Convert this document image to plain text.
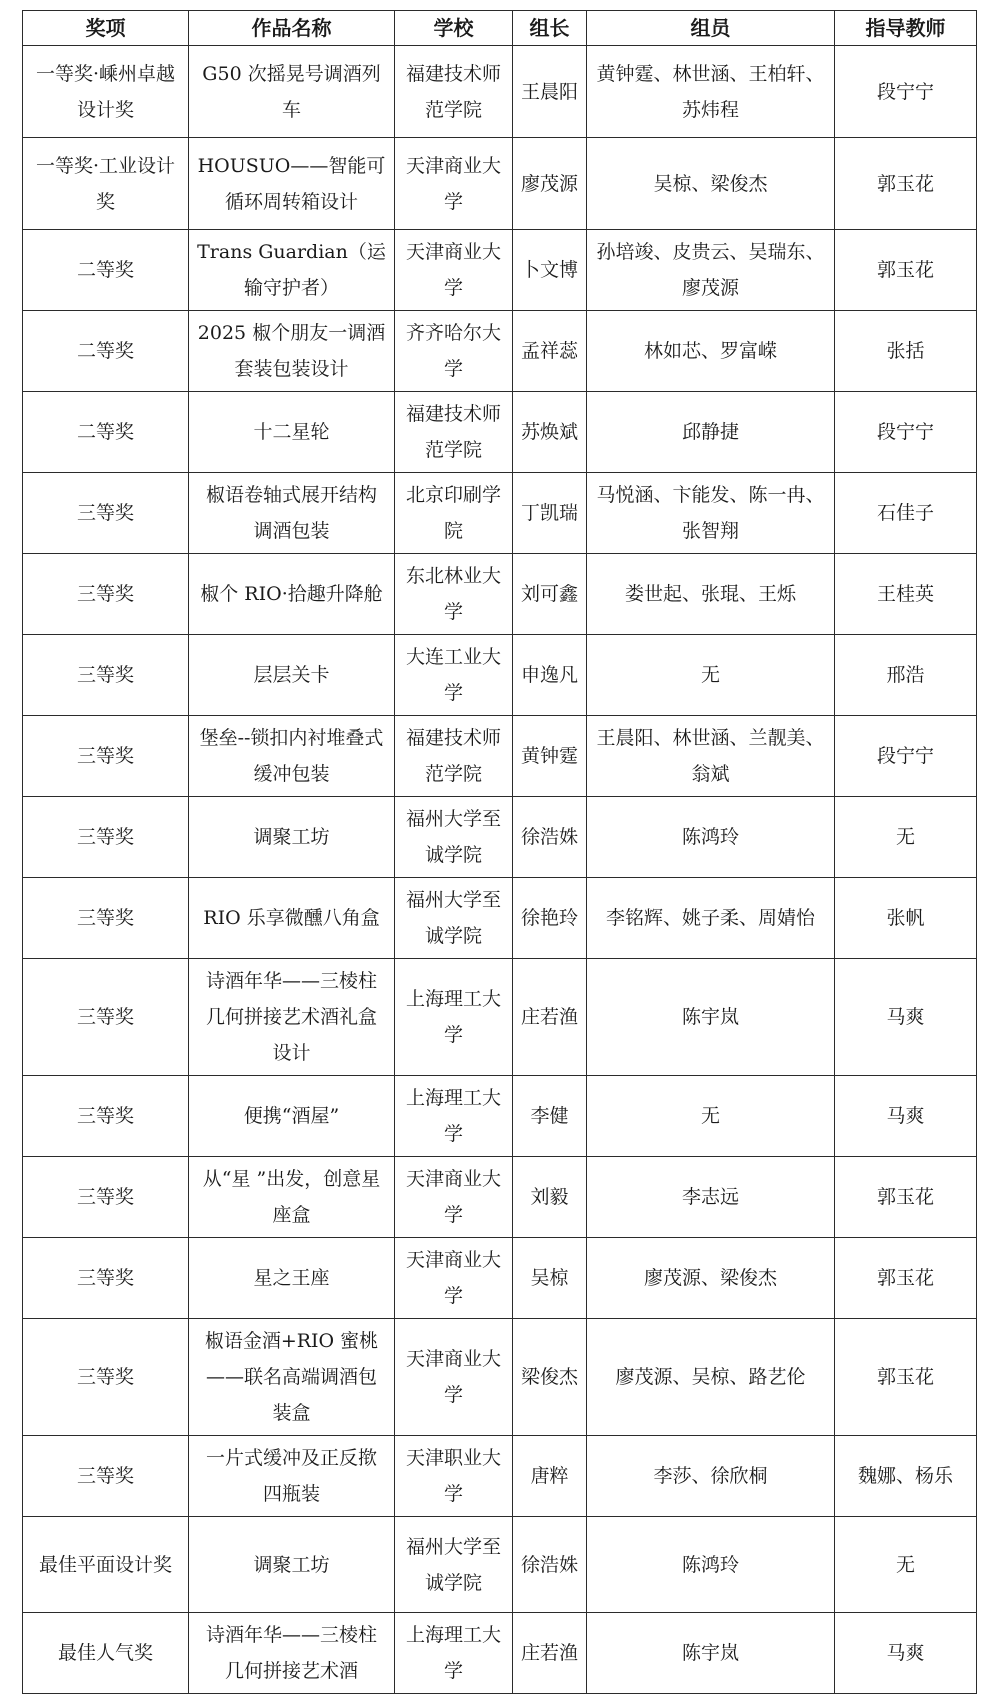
奖项	作品名称	学校	组长	组员	指导教师
一等奖·嵊州卓越设计奖	G50 次摇晃号调酒列车	福建技术师范学院	王晨阳	黄钟霆、林世涵、王柏轩、苏炜程	段宁宁
一等奖·工业设计奖	HOUSUO——智能可循环周转箱设计	天津商业大学	廖茂源	吴椋、梁俊杰	郭玉花
二等奖	Trans Guardian（运输守护者）	天津商业大学	卜文博	孙培竣、皮贵云、吴瑞东、廖茂源	郭玉花
二等奖	2025 椒个朋友一调酒套装包装设计	齐齐哈尔大学	孟祥蕊	林如芯、罗富嵘	张括
二等奖	十二星轮	福建技术师范学院	苏焕斌	邱静捷	段宁宁
三等奖	椒语卷轴式展开结构调酒包装	北京印刷学院	丁凯瑞	马悦涵、卞能发、陈一冉、张智翔	石佳子
三等奖	椒个 RIO·拾趣升降舱	东北林业大学	刘可鑫	娄世起、张琨、王烁	王桂英
三等奖	层层关卡	大连工业大学	申逸凡	无	邢浩
三等奖	堡垒--锁扣内衬堆叠式缓冲包装	福建技术师范学院	黄钟霆	王晨阳、林世涵、兰靓美、翁斌	段宁宁
三等奖	调聚工坊	福州大学至诚学院	徐浩姝	陈鸿玲	无
三等奖	RIO 乐享微醺八角盒	福州大学至诚学院	徐艳玲	李铭辉、姚子柔、周婧怡	张帆
三等奖	诗酒年华——三棱柱几何拼接艺术酒礼盒设计	上海理工大学	庄若渔	陈宇岚	马爽
三等奖	便携“酒屋”	上海理工大学	李健	无	马爽
三等奖	从“星 ”出发，创意星座盒	天津商业大学	刘毅	李志远	郭玉花
三等奖	星之王座	天津商业大学	吴椋	廖茂源、梁俊杰	郭玉花
三等奖	椒语金酒+RIO 蜜桃——联名高端调酒包装盒	天津商业大学	梁俊杰	廖茂源、吴椋、路艺伦	郭玉花
三等奖	一片式缓冲及正反揿四瓶装	天津职业大学	唐粹	李莎、徐欣桐	魏娜、杨乐
最佳平面设计奖	调聚工坊	福州大学至诚学院	徐浩姝	陈鸿玲	无
最佳人气奖	诗酒年华——三棱柱几何拼接艺术酒	上海理工大学	庄若渔	陈宇岚	马爽
